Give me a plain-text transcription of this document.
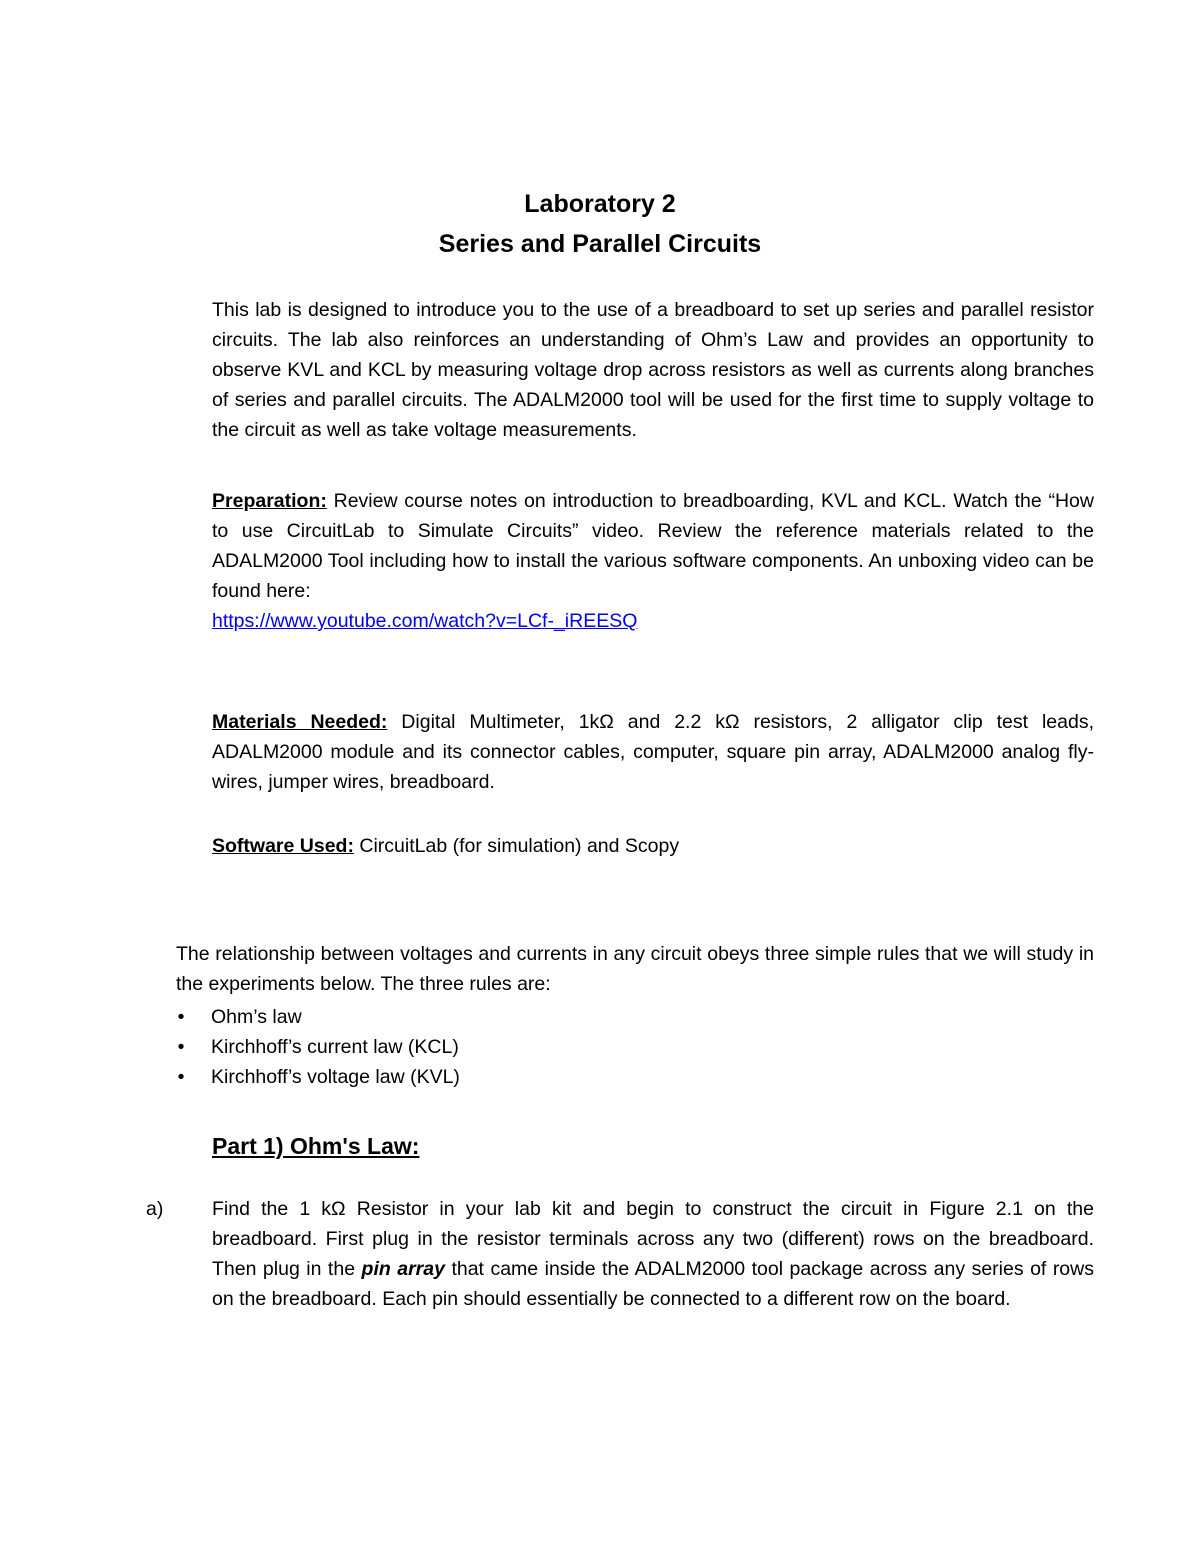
Laboratory 2
Series and Parallel Circuits
This lab is designed to introduce you to the use of a breadboard to set up series and parallel resistor circuits. The lab also reinforces an understanding of Ohm’s Law and provides an opportunity to observe KVL and KCL by measuring voltage drop across resistors as well as currents along branches of series and parallel circuits. The ADALM2000 tool will be used for the first time to supply voltage to the circuit as well as take voltage measurements.
Preparation: Review course notes on introduction to breadboarding, KVL and KCL. Watch the “How to use CircuitLab to Simulate Circuits” video. Review the reference materials related to the ADALM2000 Tool including how to install the various software components. An unboxing video can be found here:
https://www.youtube.com/watch?v=LCf-_iREESQ
Materials Needed: Digital Multimeter, 1kΩ and 2.2 kΩ resistors, 2 alligator clip test leads, ADALM2000 module and its connector cables, computer, square pin array, ADALM2000 analog fly-wires, jumper wires, breadboard.
Software Used: CircuitLab (for simulation) and Scopy
The relationship between voltages and currents in any circuit obeys three simple rules that we will study in the experiments below. The three rules are:
• Ohm’s law
• Kirchhoff’s current law (KCL)
• Kirchhoff’s voltage law (KVL)
Part 1) Ohm's Law:
a) Find the 1 kΩ Resistor in your lab kit and begin to construct the circuit in Figure 2.1 on the breadboard. First plug in the resistor terminals across any two (different) rows on the breadboard. Then plug in the pin array that came inside the ADALM2000 tool package across any series of rows on the breadboard. Each pin should essentially be connected to a different row on the board.
